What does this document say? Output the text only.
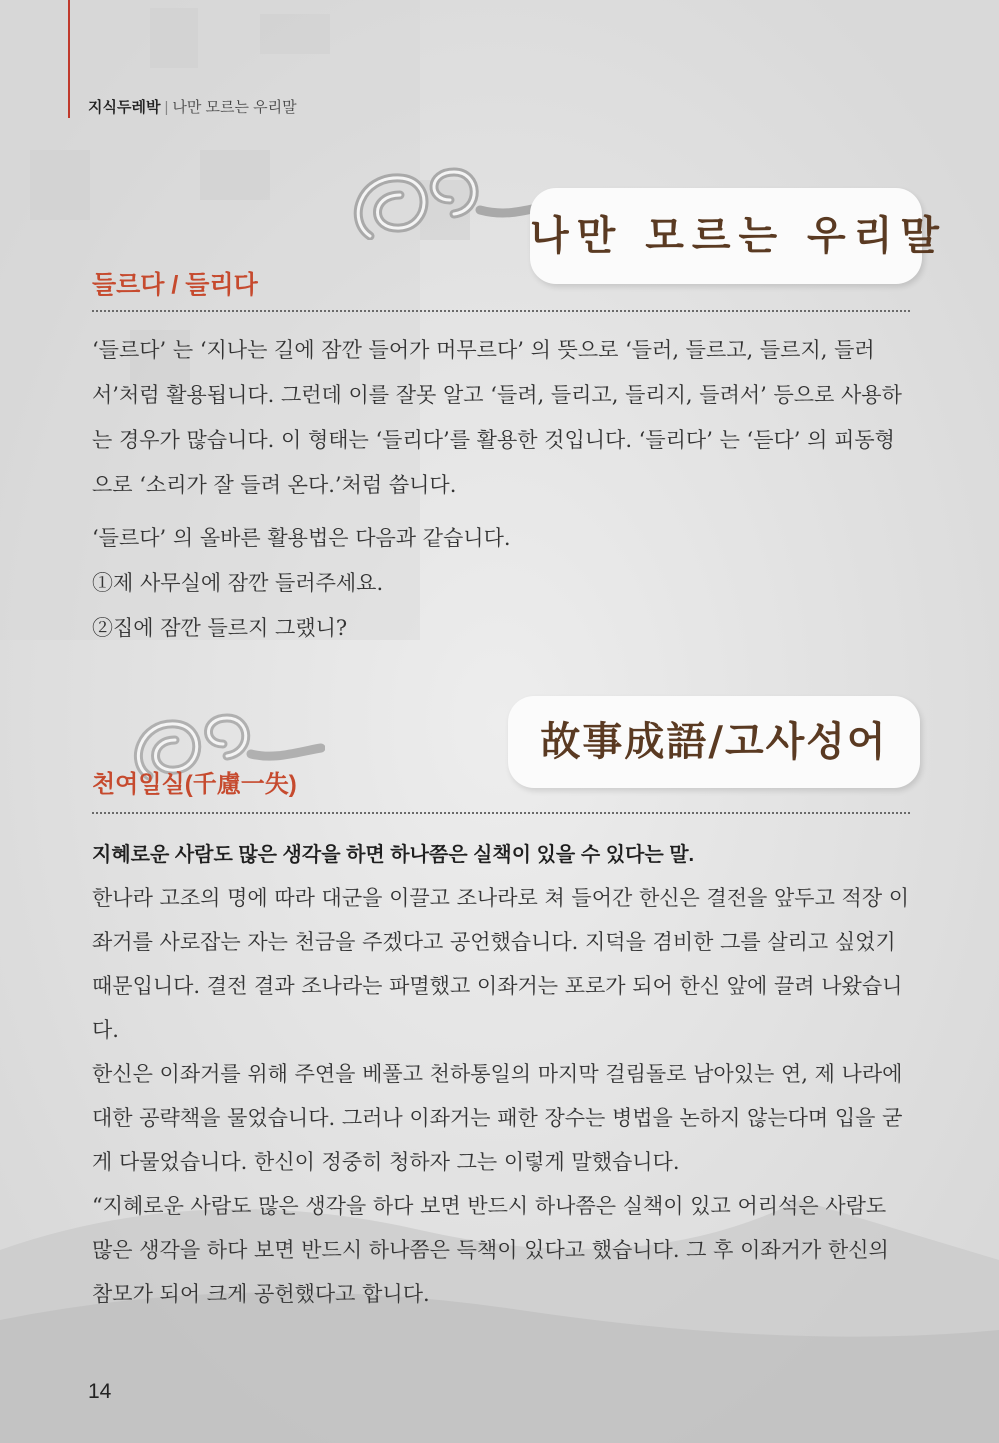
지식두레박 | 나만 모르는 우리말
나만 모르는 우리말
들르다 / 들리다

‘들르다’ 는 ‘지나는 길에 잠깐 들어가 머무르다’ 의 뜻으로 ‘들러, 들르고, 들르지, 들러서’처럼 활용됩니다. 그런데 이를 잘못 알고 ‘들려, 들리고, 들리지, 들려서’ 등으로 사용하는 경우가 많습니다. 이 형태는 ‘들리다’를 활용한 것입니다. ‘들리다’ 는 ‘듣다’ 의 피동형으로 ‘소리가 잘 들려 온다.’처럼 씁니다.

‘들르다’ 의 올바른 활용법은 다음과 같습니다.

①제 사무실에 잠깐 들러주세요.

②집에 잠깐 들르지 그랬니?

故事成語/고사성어
천여일실(千慮一失)
지혜로운 사람도 많은 생각을 하면 하나쯤은 실책이 있을 수 있다는 말.

한나라 고조의 명에 따라 대군을 이끌고 조나라로 쳐 들어간 한신은 결전을 앞두고 적장 이좌거를 사로잡는 자는 천금을 주겠다고 공언했습니다. 지덕을 겸비한 그를 살리고 싶었기 때문입니다. 결전 결과 조나라는 파멸했고 이좌거는 포로가 되어 한신 앞에 끌려 나왔습니다.

한신은 이좌거를 위해 주연을 베풀고 천하통일의 마지막 걸림돌로 남아있는 연, 제 나라에 대한 공략책을 물었습니다. 그러나 이좌거는 패한 장수는 병법을 논하지 않는다며 입을 굳게 다물었습니다. 한신이 정중히 청하자 그는 이렇게 말했습니다.

“지혜로운 사람도 많은 생각을 하다 보면 반드시 하나쯤은 실책이 있고 어리석은 사람도 많은 생각을 하다 보면 반드시 하나쯤은 득책이 있다고 했습니다. 그 후 이좌거가 한신의 참모가 되어 크게 공헌했다고 합니다.

14
